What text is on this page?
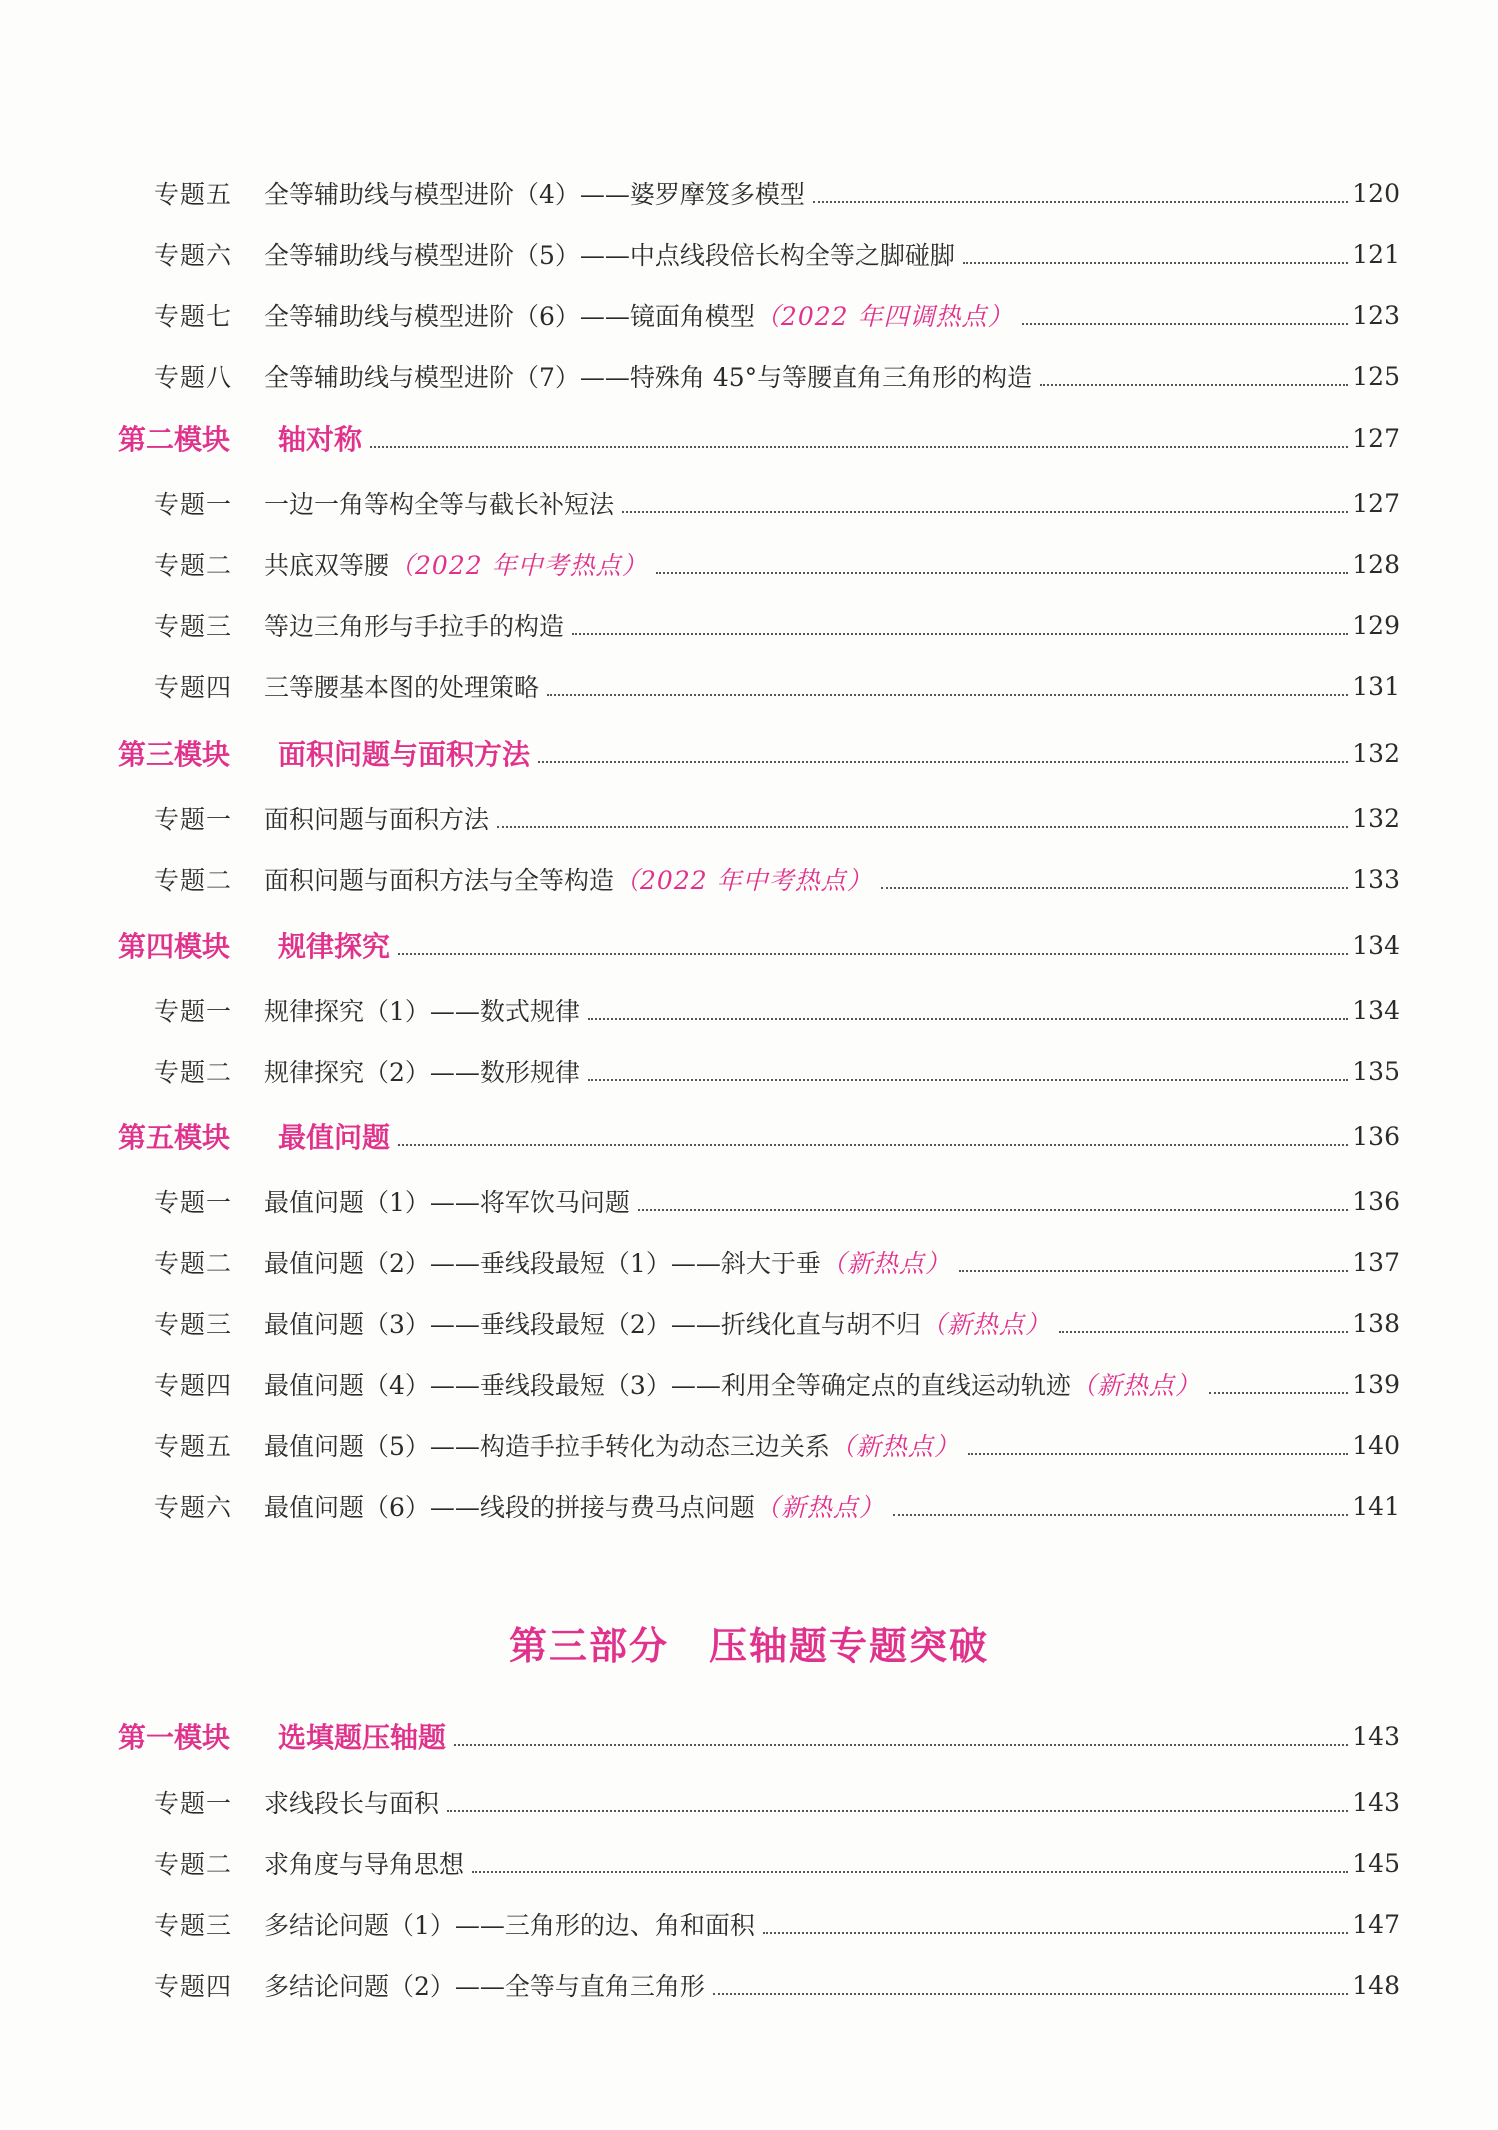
专题五	全等辅助线与模型进阶（4）——婆罗摩笈多模型	120
专题六	全等辅助线与模型进阶（5）——中点线段倍长构全等之脚碰脚	121
专题七	全等辅助线与模型进阶（6）——镜面角模型 （2022 年四调热点）	123
专题八	全等辅助线与模型进阶（7）——特殊角 45°与等腰直角三角形的构造	125
第二模块	轴对称	127
专题一	一边一角等构全等与截长补短法	127
专题二	共底双等腰 （2022 年中考热点）	128
专题三	等边三角形与手拉手的构造	129
专题四	三等腰基本图的处理策略	131
第三模块	面积问题与面积方法	132
专题一	面积问题与面积方法	132
专题二	面积问题与面积方法与全等构造 （2022 年中考热点）	133
第四模块	规律探究	134
专题一	规律探究（1）——数式规律	134
专题二	规律探究（2）——数形规律	135
第五模块	最值问题	136
专题一	最值问题（1）——将军饮马问题	136
专题二	最值问题（2）——垂线段最短（1）——斜大于垂 （新热点）	137
专题三	最值问题（3）——垂线段最短（2）——折线化直与胡不归 （新热点）	138
专题四	最值问题（4）——垂线段最短（3）——利用全等确定点的直线运动轨迹 （新热点）	139
专题五	最值问题（5）——构造手拉手转化为动态三边关系 （新热点）	140
专题六	最值问题（6）——线段的拼接与费马点问题 （新热点）	141
第三部分 压轴题专题突破
第一模块	选填题压轴题	143
专题一	求线段长与面积	143
专题二	求角度与导角思想	145
专题三	多结论问题（1）——三角形的边、角和面积	147
专题四	多结论问题（2）——全等与直角三角形	148
